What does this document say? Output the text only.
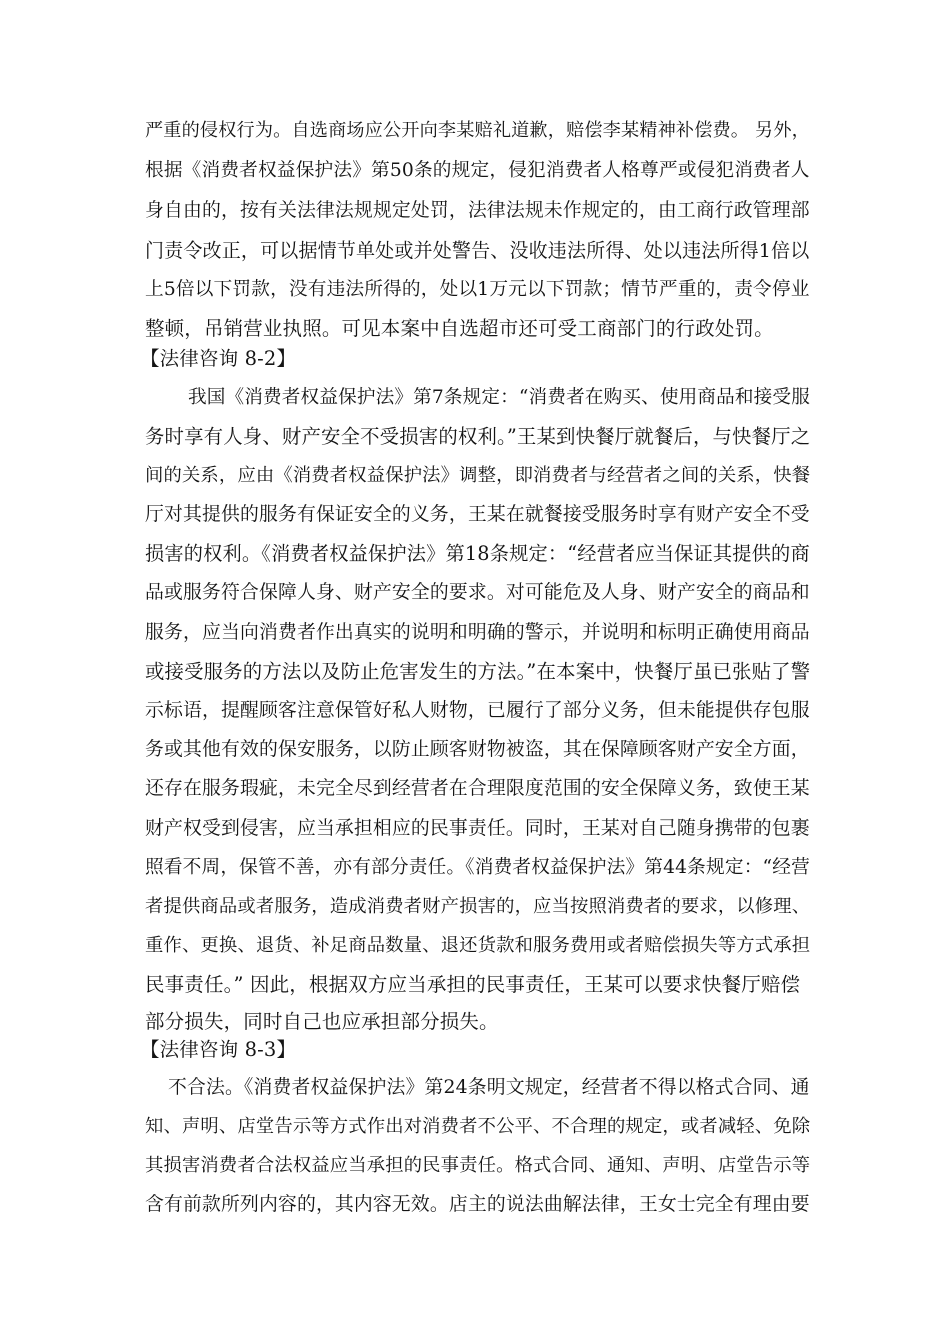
严重的侵权行为。自选商场应公开向李某赔礼道歉，赔偿李某精神补偿费。 另外，
根据《消费者权益保护法》第50条的规定，侵犯消费者人格尊严或侵犯消费者人
身自由的，按有关法律法规规定处罚，法律法规未作规定的，由工商行政管理部
门责令改正，可以据情节单处或并处警告、没收违法所得、处以违法所得1倍以
上5倍以下罚款，没有违法所得的，处以1万元以下罚款；情节严重的，责令停业
整顿，吊销营业执照。可见本案中自选超市还可受工商部门的行政处罚。
【法律咨询 8-2】
我国《消费者权益保护法》第7条规定：“消费者在购买、使用商品和接受服
务时享有人身、财产安全不受损害的权利。”王某到快餐厅就餐后，与快餐厅之
间的关系，应由《消费者权益保护法》调整，即消费者与经营者之间的关系，快餐
厅对其提供的服务有保证安全的义务，王某在就餐接受服务时享有财产安全不受
损害的权利。《消费者权益保护法》第18条规定：“经营者应当保证其提供的商
品或服务符合保障人身、财产安全的要求。对可能危及人身、财产安全的商品和
服务，应当向消费者作出真实的说明和明确的警示，并说明和标明正确使用商品
或接受服务的方法以及防止危害发生的方法。”在本案中，快餐厅虽已张贴了警
示标语，提醒顾客注意保管好私人财物，已履行了部分义务，但未能提供存包服
务或其他有效的保安服务，以防止顾客财物被盗，其在保障顾客财产安全方面，
还存在服务瑕疵，未完全尽到经营者在合理限度范围的安全保障义务，致使王某
财产权受到侵害，应当承担相应的民事责任。同时，王某对自己随身携带的包裹
照看不周，保管不善，亦有部分责任。《消费者权益保护法》第44条规定：“经营
者提供商品或者服务，造成消费者财产损害的，应当按照消费者的要求，以修理、
重作、更换、退货、补足商品数量、退还货款和服务费用或者赔偿损失等方式承担
民事责任。” 因此，根据双方应当承担的民事责任，王某可以要求快餐厅赔偿
部分损失，同时自己也应承担部分损失。
【法律咨询 8-3】
不合法。《消费者权益保护法》第24条明文规定，经营者不得以格式合同、通
知、声明、店堂告示等方式作出对消费者不公平、不合理的规定，或者减轻、免除
其损害消费者合法权益应当承担的民事责任。格式合同、通知、声明、店堂告示等
含有前款所列内容的，其内容无效。店主的说法曲解法律，王女士完全有理由要
